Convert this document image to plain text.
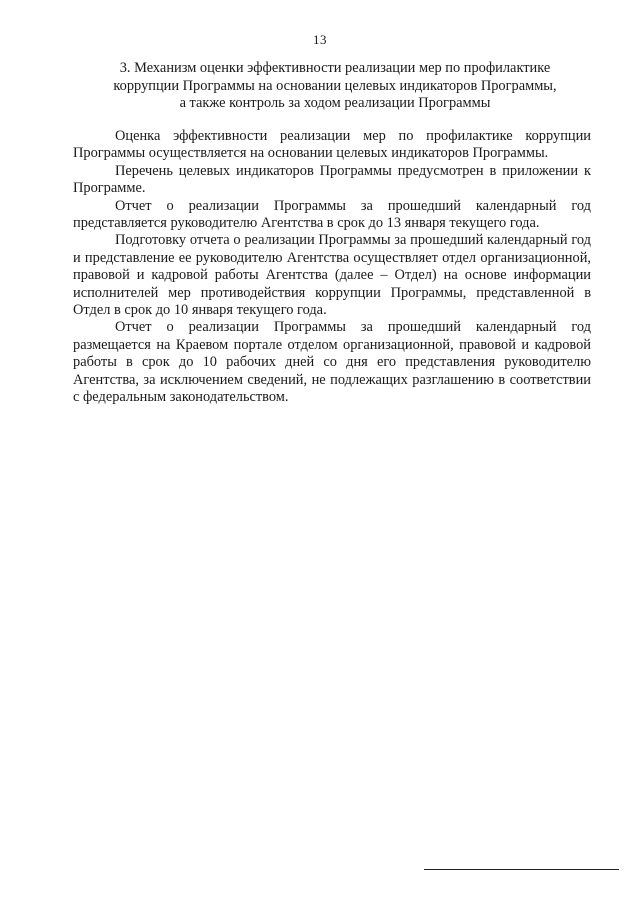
13
3. Механизм оценки эффективности реализации мер по профилактике
коррупции Программы на основании целевых индикаторов Программы,
а также контроль за ходом реализации Программы

Оценка эффективности реализации мер по профилактике коррупции Программы осуществляется на основании целевых индикаторов Программы.

Перечень целевых индикаторов Программы предусмотрен в приложении к Программе.

Отчет о реализации Программы за прошедший календарный год представляется руководителю Агентства в срок до 13 января текущего года.

Подготовку отчета о реализации Программы за прошедший календарный год и представление ее руководителю Агентства осуществляет отдел организационной, правовой и кадровой работы Агентства (далее – Отдел) на основе информации исполнителей мер противодействия коррупции Программы, представленной в Отдел в срок до 10 января текущего года.

Отчет о реализации Программы за прошедший календарный год размещается на Краевом портале отделом организационной, правовой и кадровой работы в срок до 10 рабочих дней со дня его представления руководителю Агентства, за исключением сведений, не подлежащих разглашению в соответствии с федеральным законодательством.
